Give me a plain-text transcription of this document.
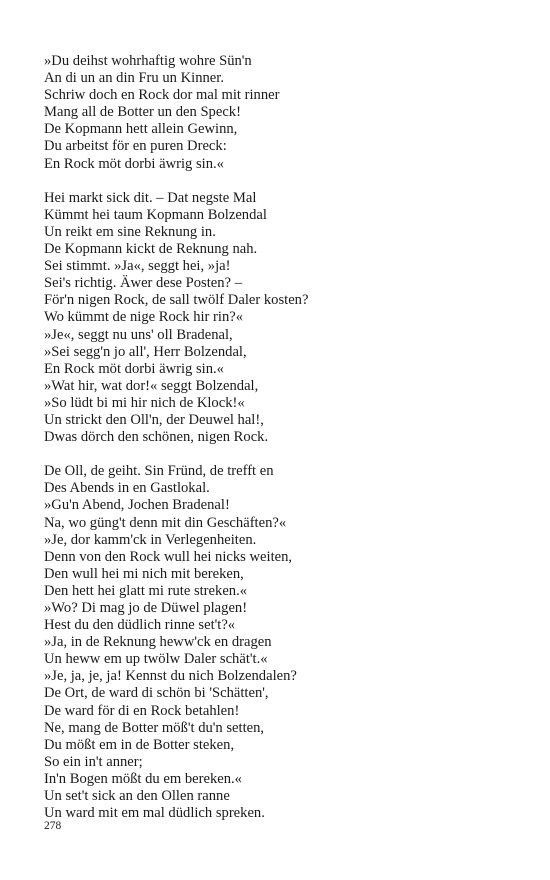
»Du deihst wohrhaftig wohre Sün'n
An di un an din Fru un Kinner.
Schriw doch en Rock dor mal mit rinner
Mang all de Botter un den Speck!
De Kopmann hett allein Gewinn,
Du arbeitst för en puren Dreck:
En Rock möt dorbi äwrig sin.«
Hei markt sick dit. – Dat negste Mal
Kümmt hei taum Kopmann Bolzendal
Un reikt em sine Reknung in.
De Kopmann kickt de Reknung nah.
Sei stimmt. »Ja«, seggt hei, »ja!
Sei's richtig. Äwer dese Posten? –
För'n nigen Rock, de sall twölf Daler kosten?
Wo kümmt de nige Rock hir rin?«
»Je«, seggt nu uns' oll Bradenal,
»Sei segg'n jo all', Herr Bolzendal,
En Rock möt dorbi äwrig sin.«
»Wat hir, wat dor!« seggt Bolzendal,
»So lüdt bi mi hir nich de Klock!«
Un strickt den Oll'n, der Deuwel hal!,
Dwas dörch den schönen, nigen Rock.
De Oll, de geiht. Sin Fründ, de trefft en
Des Abends in en Gastlokal.
»Gu'n Abend, Jochen Bradenal!
Na, wo güng't denn mit din Geschäften?«
»Je, dor kamm'ck in Verlegenheiten.
Denn von den Rock wull hei nicks weiten,
Den wull hei mi nich mit bereken,
Den hett hei glatt mi rute streken.«
»Wo? Di mag jo de Düwel plagen!
Hest du den düdlich rinne set't?«
»Ja, in de Reknung heww'ck en dragen
Un heww em up twölw Daler schät't.«
»Je, ja, je, ja! Kennst du nich Bolzendalen?
De Ort, de ward di schön bi 'Schätten',
De ward för di en Rock betahlen!
Ne, mang de Botter möß't du'n setten,
Du mößt em in de Botter steken,
So ein in't anner;
In'n Bogen mößt du em bereken.«
Un set't sick an den Ollen ranne
Un ward mit em mal düdlich spreken.
278
